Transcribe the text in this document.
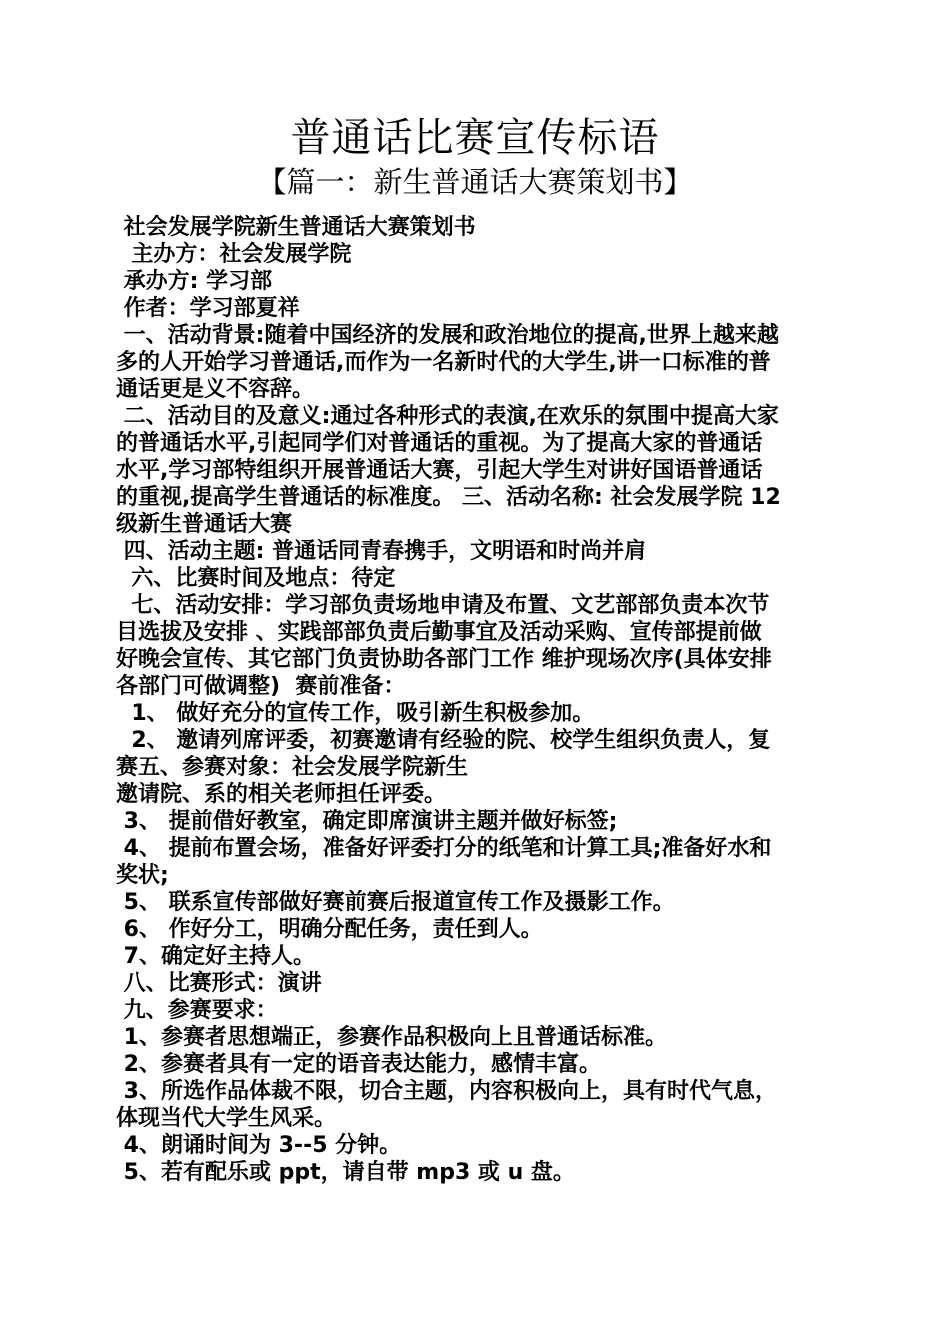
普通话比赛宣传标语
【篇一：新生普通话大赛策划书】
社会发展学院新生普通话大赛策划书
主办方：社会发展学院
承办方: 学习部
作者：学习部夏祥
一、活动背景:随着中国经济的发展和政治地位的提高,世界上越来越
多的人开始学习普通话,而作为一名新时代的大学生,讲一口标准的普
通话更是义不容辞。
二、活动目的及意义:通过各种形式的表演,在欢乐的氛围中提高大家
的普通话水平,引起同学们对普通话的重视。为了提高大家的普通话
水平,学习部特组织开展普通话大赛，引起大学生对讲好国语普通话
的重视,提高学生普通话的标准度。 三、活动名称: 社会发展学院 12
级新生普通话大赛
四、活动主题: 普通话同青春携手，文明语和时尚并肩
六、比赛时间及地点：待定
七、活动安排：学习部负责场地申请及布置、文艺部部负责本次节
目选拔及安排 、实践部部负责后勤事宜及活动采购、宣传部提前做
好晚会宣传、其它部门负责协助各部门工作 维护现场次序(具体安排
各部门可做调整)  赛前准备：
1、 做好充分的宣传工作，吸引新生积极参加。
2、 邀请列席评委，初赛邀请有经验的院、校学生组织负责人，复
赛五、参赛对象：社会发展学院新生
邀请院、系的相关老师担任评委。
3、 提前借好教室，确定即席演讲主题并做好标签;
4、 提前布置会场，准备好评委打分的纸笔和计算工具;准备好水和
奖状;
5、 联系宣传部做好赛前赛后报道宣传工作及摄影工作。
6、 作好分工，明确分配任务，责任到人。
7、确定好主持人。
八、比赛形式：演讲
九、参赛要求：
1、参赛者思想端正，参赛作品积极向上且普通话标准。
2、参赛者具有一定的语音表达能力，感情丰富。
3、所选作品体裁不限，切合主题，内容积极向上，具有时代气息，
体现当代大学生风采。
4、朗诵时间为 3--5 分钟。
5、若有配乐或 ppt，请自带 mp3 或 u 盘。
